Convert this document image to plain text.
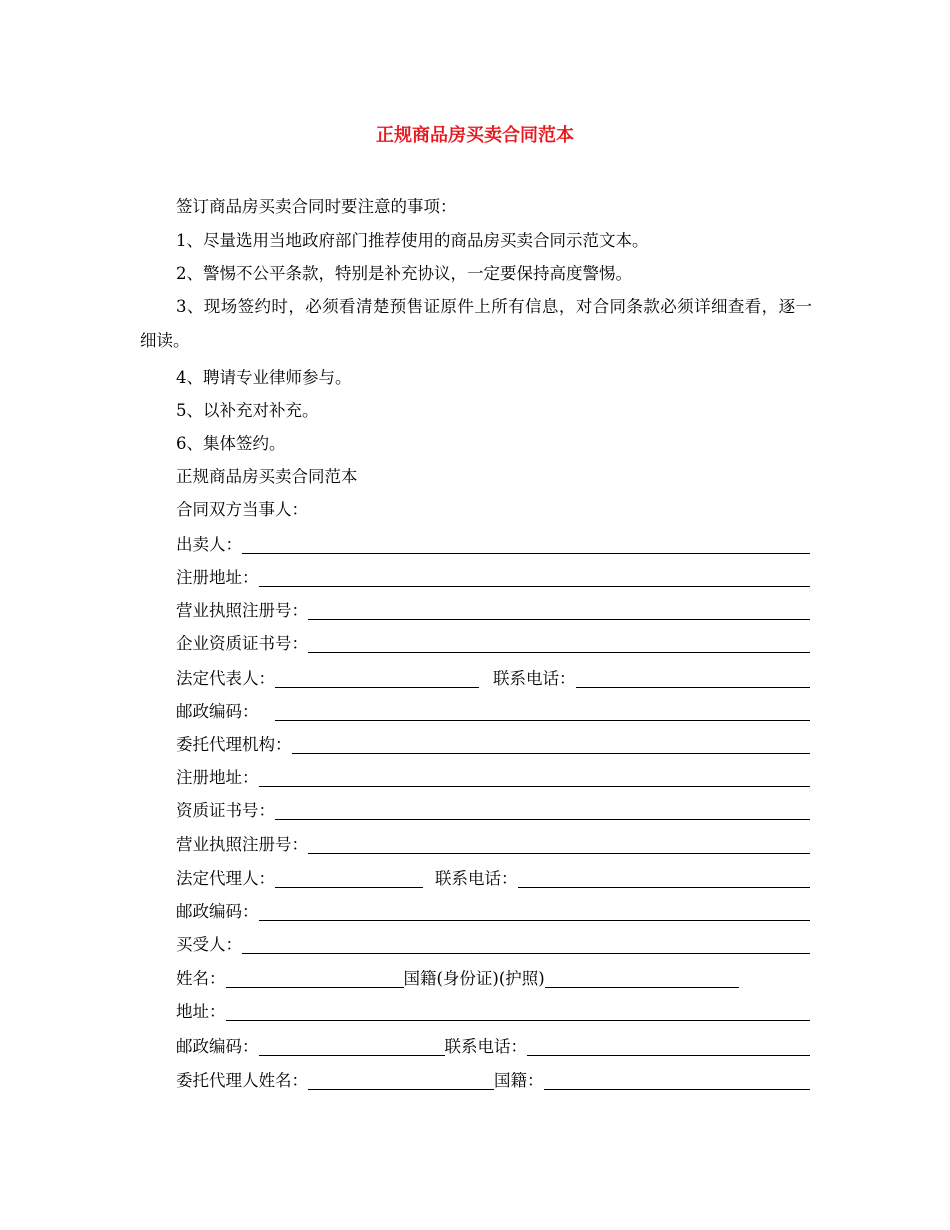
正规商品房买卖合同范本
签订商品房买卖合同时要注意的事项：
1、尽量选用当地政府部门推荐使用的商品房买卖合同示范文本。
2、警惕不公平条款，特别是补充协议，一定要保持高度警惕。
3、现场签约时，必须看清楚预售证原件上所有信息，对合同条款必须详细查看，逐一细读。
4、聘请专业律师参与。
5、以补充对补充。
6、集体签约。
正规商品房买卖合同范本
合同双方当事人：
出卖人：
注册地址：
营业执照注册号：
企业资质证书号：
法定代表人：	联系电话：
邮政编码：
委托代理机构：
注册地址：
资质证书号：
营业执照注册号：
法定代理人：	联系电话：
邮政编码：
买受人：
姓名：	国籍(身份证)(护照)
地址：
邮政编码：	联系电话：
委托代理人姓名：	国籍：
